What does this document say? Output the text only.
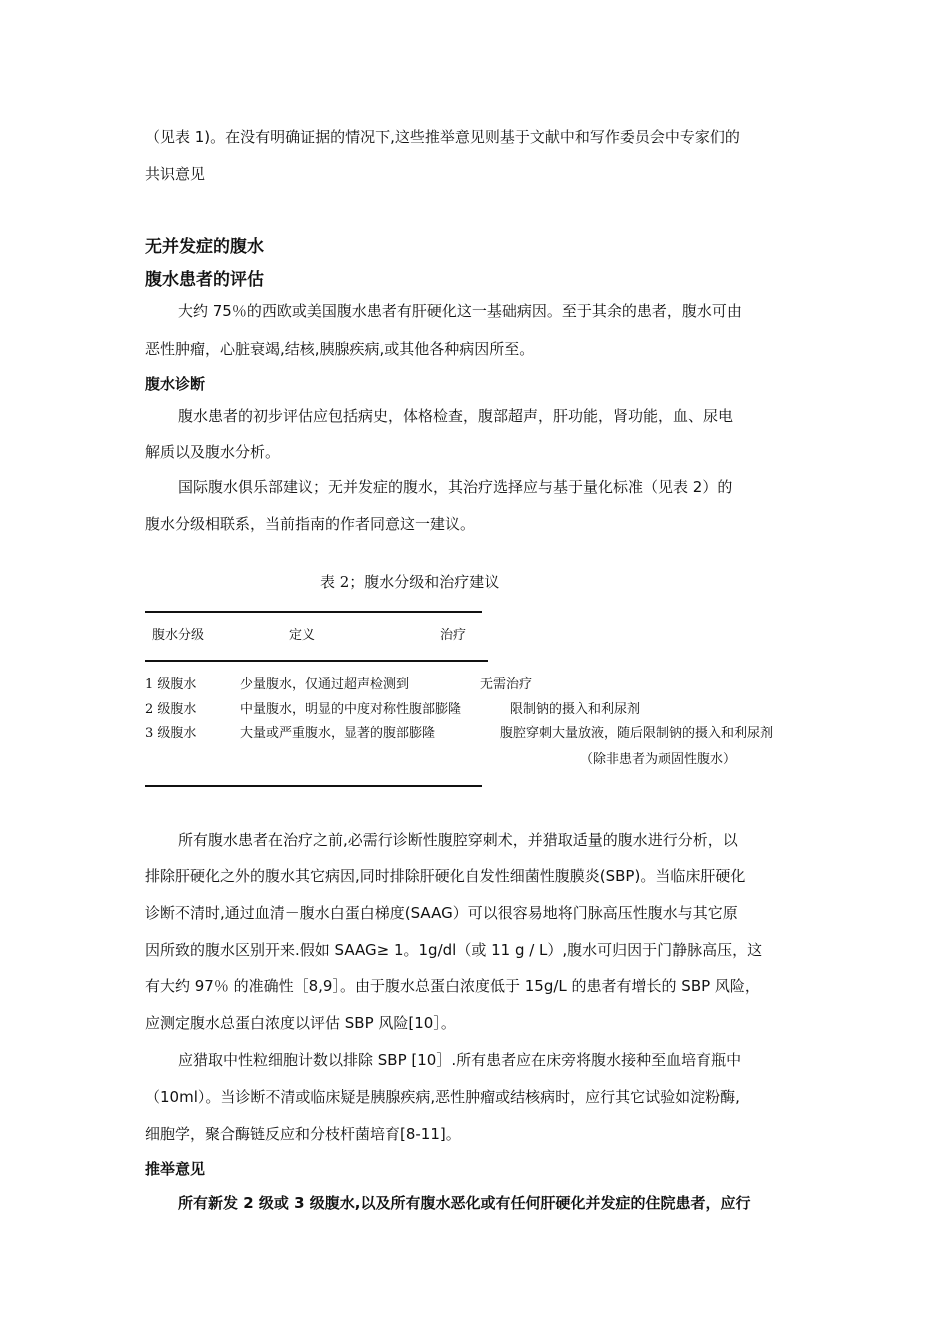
（见表 1)。在没有明确证据的情况下,这些推举意见则基于文献中和写作委员会中专家们的
共识意见
无并发症的腹水
腹水患者的评估
大约 75％的西欧或美国腹水患者有肝硬化这一基础病因。至于其余的患者，腹水可由
恶性肿瘤，心脏衰竭,结核,胰腺疾病,或其他各种病因所至。
腹水诊断
腹水患者的初步评估应包括病史，体格检查，腹部超声，肝功能，肾功能，血、尿电
解质以及腹水分析。
国际腹水俱乐部建议；无并发症的腹水，其治疗选择应与基于量化标准（见表 2）的
腹水分级相联系，当前指南的作者同意这一建议。
表 2；腹水分级和治疗建议
腹水分级	定义	治疗
1 级腹水	少量腹水，仅通过超声检测到	无需治疗
2 级腹水	中量腹水，明显的中度对称性腹部膨隆	限制钠的摄入和利尿剂
3 级腹水	大量或严重腹水，显著的腹部膨隆	腹腔穿刺大量放液，随后限制钠的摄入和利尿剂
（除非患者为顽固性腹水）
所有腹水患者在治疗之前,必需行诊断性腹腔穿刺术，并猎取适量的腹水进行分析，以
排除肝硬化之外的腹水其它病因,同时排除肝硬化自发性细菌性腹膜炎(SBP)。当临床肝硬化
诊断不清时,通过血清－腹水白蛋白梯度(SAAG）可以很容易地将门脉高压性腹水与其它原
因所致的腹水区别开来.假如 SAAG≥ 1。1g/dl（或 11 g / L）,腹水可归因于门静脉高压，这
有大约 97％ 的准确性［8,9］。由于腹水总蛋白浓度低于 15g/L 的患者有增长的 SBP 风险，
应测定腹水总蛋白浓度以评估 SBP 风险[10］。
应猎取中性粒细胞计数以排除 SBP [10］.所有患者应在床旁将腹水接种至血培育瓶中
（10ml）。当诊断不清或临床疑是胰腺疾病,恶性肿瘤或结核病时，应行其它试验如淀粉酶,
细胞学，聚合酶链反应和分枝杆菌培育[8-11]。
推举意见
所有新发 2 级或 3 级腹水,以及所有腹水恶化或有任何肝硬化并发症的住院患者，应行
